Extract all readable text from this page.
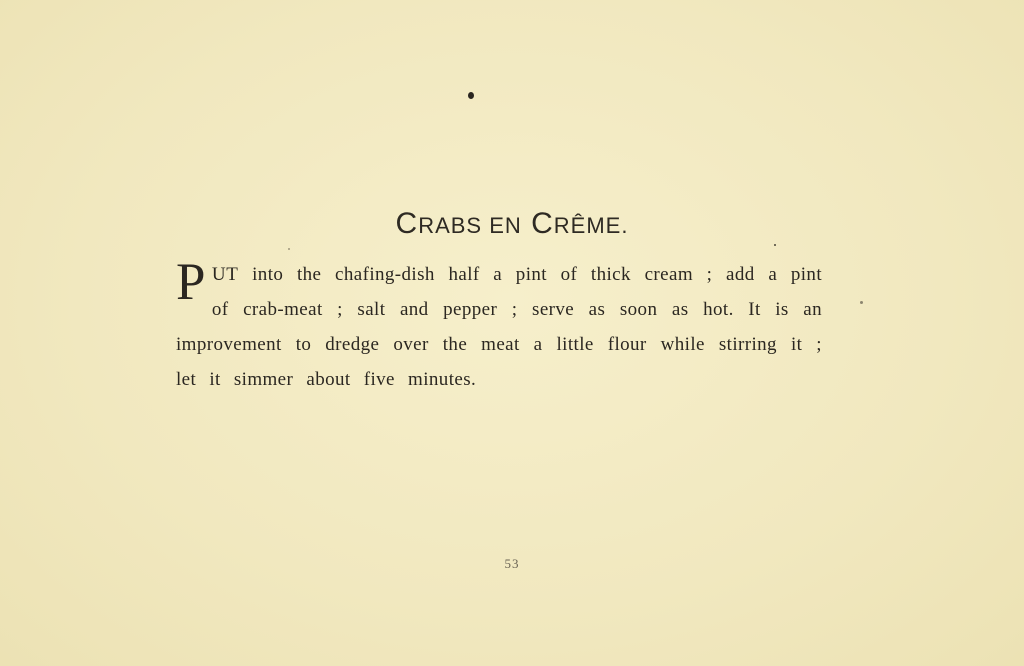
CRABS EN CRÊME.
PUT into the chafing-dish half a pint of thick cream ; add a pint of crab-meat ; salt and pepper ; serve as soon as hot. It is an improvement to dredge over the meat a little flour while stirring it ; let it simmer about five minutes.
53
